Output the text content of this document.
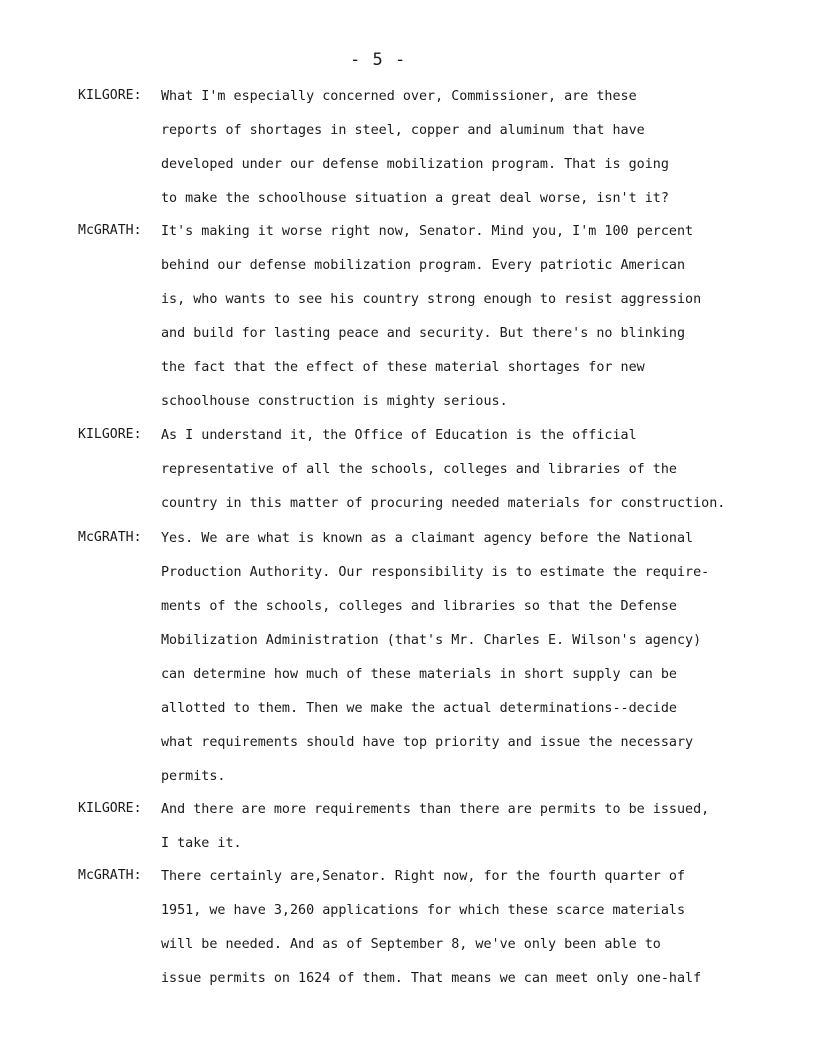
- 5 -
KILGORE: What I'm especially concerned over, Commissioner, are these
reports of shortages in steel, copper and aluminum that have
developed under our defense mobilization program. That is going
to make the schoolhouse situation a great deal worse, isn't it?
McGRATH: It's making it worse right now, Senator. Mind you, I'm 100 percent
behind our defense mobilization program. Every patriotic American
is, who wants to see his country strong enough to resist aggression
and build for lasting peace and security. But there's no blinking
the fact that the effect of these material shortages for new
schoolhouse construction is mighty serious.
KILGORE: As I understand it, the Office of Education is the official
representative of all the schools, colleges and libraries of the
country in this matter of procuring needed materials for construction.
McGRATH: Yes. We are what is known as a claimant agency before the National
Production Authority. Our responsibility is to estimate the require-
ments of the schools, colleges and libraries so that the Defense
Mobilization Administration (that's Mr. Charles E. Wilson's agency)
can determine how much of these materials in short supply can be
allotted to them. Then we make the actual determinations--decide
what requirements should have top priority and issue the necessary
permits.
KILGORE: And there are more requirements than there are permits to be issued,
I take it.
McGRATH: There certainly are,Senator. Right now, for the fourth quarter of
1951, we have 3,260 applications for which these scarce materials
will be needed. And as of September 8, we've only been able to
issue permits on 1624 of them. That means we can meet only one-half
